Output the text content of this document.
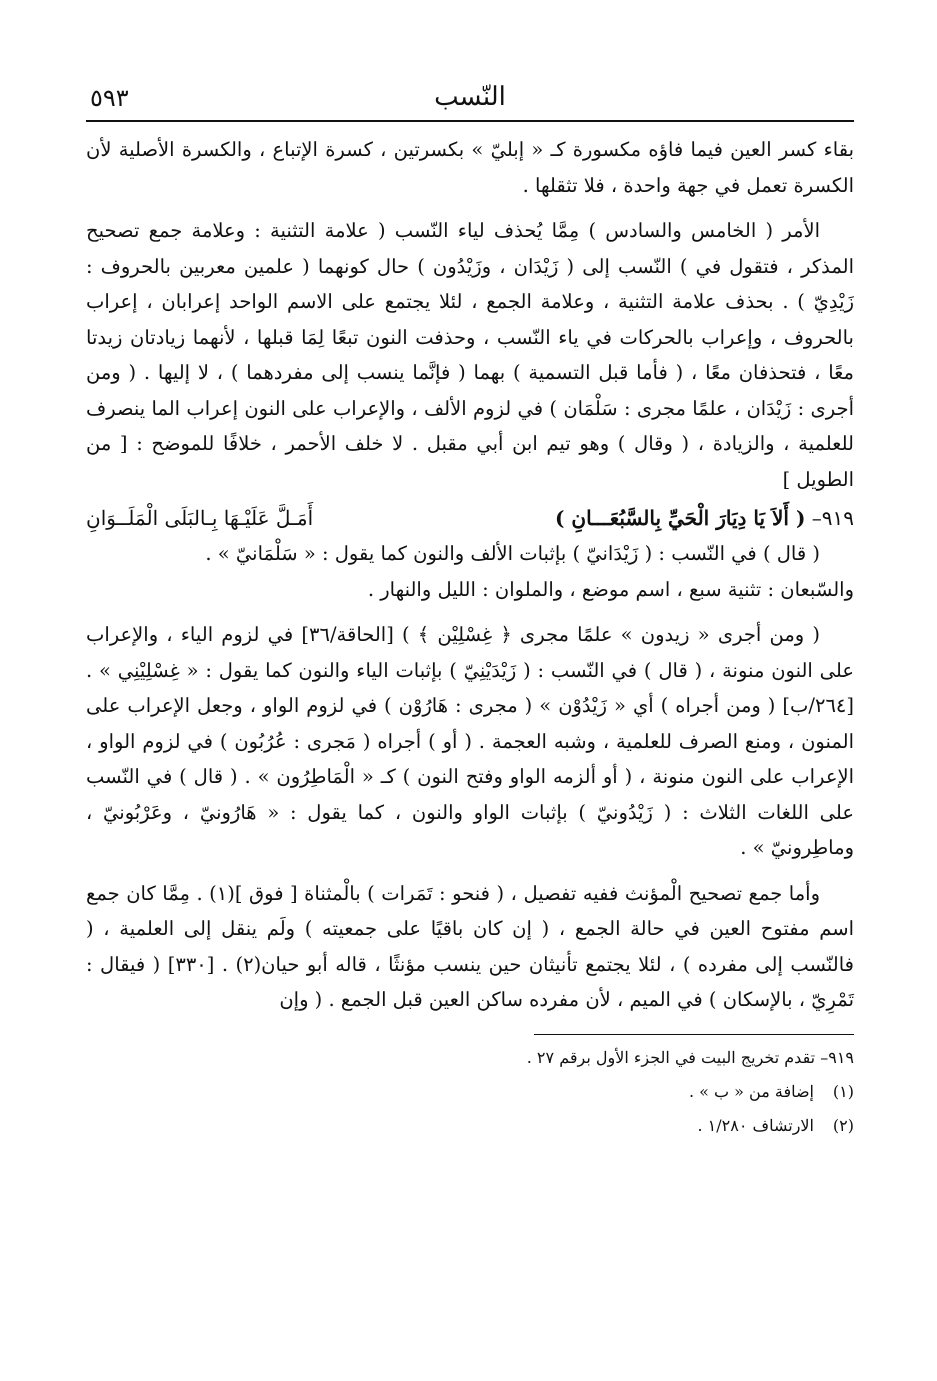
النّسب
٥٩٣

بقاء كسر العين فيما فاؤه مكسورة كـ « إبليّ » بكسرتين ، كسرة الإتباع ، والكسرة الأصلية لأن الكسرة تعمل في جهة واحدة ، فلا تثقلها .

الأمر ( الخامس والسادس ) مِمَّا يُحذف لياء النّسب ( علامة التثنية : وعلامة جمع تصحيح المذكر ، فتقول في ) النّسب إلى ( زَيْدَان ، وزَيْدُون ) حال كونهما ( علمين معربين بالحروف : زَيْدِيّ ) . بحذف علامة التثنية ، وعلامة الجمع ، لئلا يجتمع على الاسم الواحد إعرابان ، إعراب بالحروف ، وإعراب بالحركات في ياء النّسب ، وحذفت النون تبعًا لِمَا قبلها ، لأنهما زيادتان زيدتا معًا ، فتحذفان معًا ، ( فأما قبل التسمية ) بهما ( فإنَّما ينسب إلى مفردهما ) ، لا إليها . ( ومن أجرى : زَيْدَان ، علمًا مجرى : سَلْمَان ) في لزوم الألف ، والإعراب على النون إعراب الما ينصرف للعلمية ، والزيادة ، ( وقال ) وهو تيم ابن أبي مقبل . لا خلف الأحمر ، خلافًا للموضح : [ من الطويل ]

٩١٩– ( أَلاَ يَا دِيَارَ الْحَيِّ بِالسَّبُعَـــانِ )
أَمَـلَّ عَلَيْـهَا بِـالبَلَى الْمَلَــوَانِ

( قال ) في النّسب : ( زَيْدَانيّ ) بإثبات الألف والنون كما يقول : « سَلْمَانيّ » .

والسّبعان : تثنية سبع ، اسم موضع ، والملوان : الليل والنهار .

( ومن أجرى « زيدون » علمًا مجرى ﴿ غِسْلِيْن ﴾ ) [الحاقة/٣٦] في لزوم الياء ، والإعراب على النون منونة ، ( قال ) في النّسب : ( زَيْدَيْنِيّ ) بإثبات الياء والنون كما يقول : « غِسْلِيْنِي » . [٢٦٤/ب] ( ومن أجراه ) أي « زَيْدُوْن » ( مجرى : هَارُوْن ) في لزوم الواو ، وجعل الإعراب على المنون ، ومنع الصرف للعلمية ، وشبه العجمة . ( أو ) أجراه ( مَجرى : عُرُبُون ) في لزوم الواو ، الإعراب على النون منونة ، ( أو ألزمه الواو وفتح النون ) كـ « الْمَاطِرُون » . ( قال ) في النّسب على اللغات الثلاث : ( زَيْدُونيّ ) بإثبات الواو والنون ، كما يقول : « هَارُونيّ ، وعَرْبُونيّ ، وماطِرونيّ » .

وأما جمع تصحيح الْمؤنث ففيه تفصيل ، ( فنحو : تَمَرات ) بالْمثناة [ فوق ](١) . مِمَّا كان جمع اسم مفتوح العين في حالة الجمع ، ( إن كان باقيًا على جمعيته ) ولَم ينقل إلى العلمية ، ( فالنّسب إلى مفرده ) ، لئلا يجتمع تأنيثان حين ينسب مؤنثًا ، قاله أبو حيان(٢) . [٣٣٠] ( فيقال : تَمْرِيّ ، بالإسكان ) في الميم ، لأن مفرده ساكن العين قبل الجمع . ( وإن

٩١٩– تقدم تخريج البيت في الجزء الأول برقم ٢٧ .

(١)إضافة من « ب » .

(٢)الارتشاف ١/٢٨٠ .
